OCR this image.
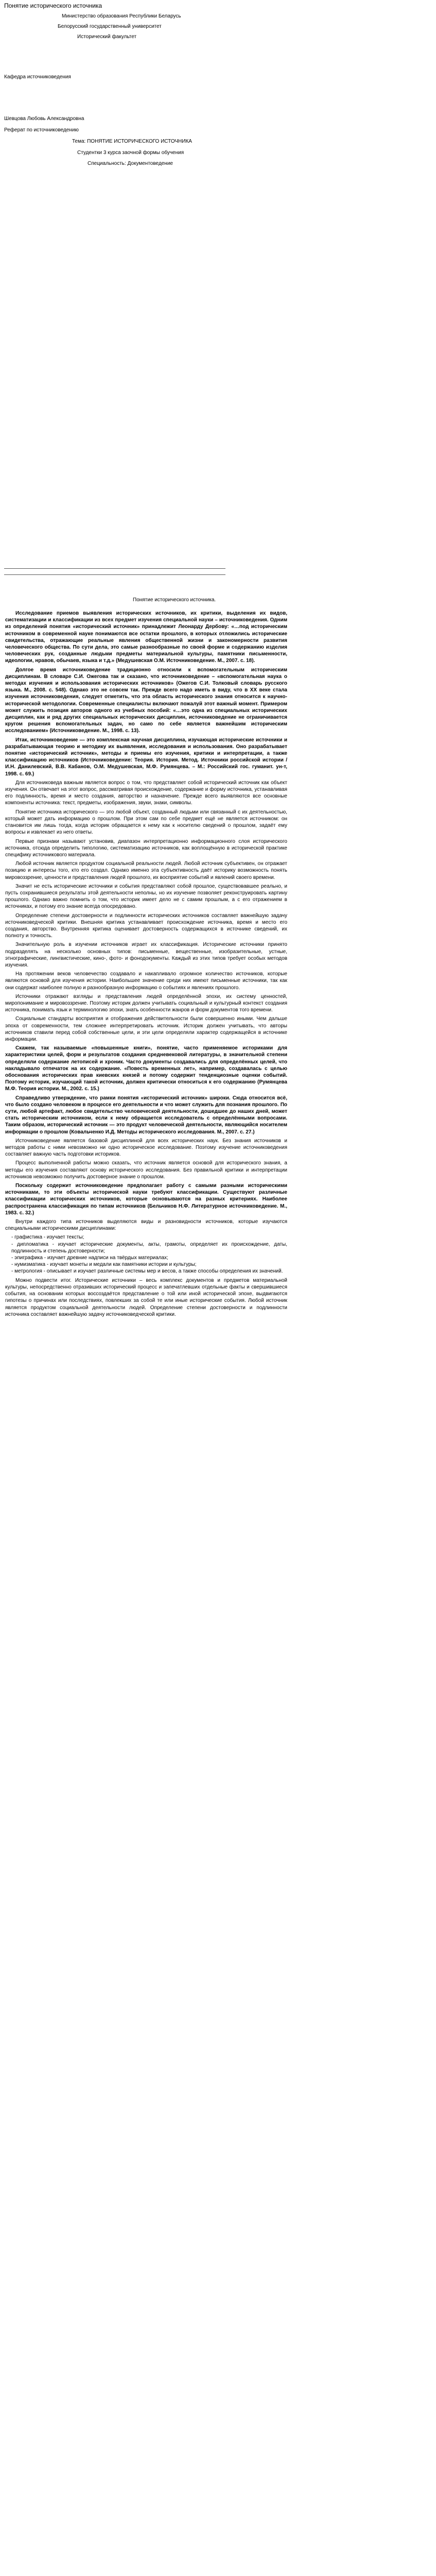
Понятие исторического источника
Министерство образования Республики Беларусь
Белорусский государственный университет
Исторический факультет
Кафедра источниковедения
Шевцова Любовь Александровна
Реферат по источниковедению
Тема: ПОНЯТИЕ ИСТОРИЧЕСКОГО ИСТОЧНИКА
Студентки 3 курса заочной формы обучения
Специальность: Документоведение
Понятие исторического источника.

Исследование приемов выявления исторических источников, их критики, выделения их видов, систематизации и классификации из всех предмет изучения специальной науки – источниковедения. Одним из определений понятия «исторический источник» принадлежит Леонарду Дербову: «…под историческим источником в современной науке понимаются все остатки прошлого, в которых отложились исторические свидетельства, отражающие реальные явления общественной жизни и закономерности развития человеческого общества. По сути дела, это самые разнообразные по своей форме и содержанию изделия человеческих рук, созданные людьми предметы материальной культуры, памятники письменности, идеологии, нравов, обычаев, языка и т.д.» (Медушевская О.М. Источниковедение. М., 2007. с. 18).

Долгое время источниковедение традиционно относили к вспомогательным историческим дисциплинам. В словаре С.И. Ожегова так и сказано, что источниковедение – «вспомогательная наука о методах изучения и использования исторических источников» (Ожегов С.И. Толковый словарь русского языка. М., 2008. с. 548). Однако это не совсем так. Прежде всего надо иметь в виду, что в ХХ веке стала изучения источниковедения, следует отметить, что эта область исторического знания относится к научно-исторической методологии. Современные специалисты включают пожалуй этот важный момент. Примером может служить позиция авторов одного из учебных пособий: «…это одна из специальных исторических дисциплин, как и ряд других специальных исторических дисциплин, источниковедение не ограничивается кругом решения вспомогательных задач, но само по себе является важнейшим историческим исследованием» (Источниковедение. М., 1998. с. 13).

Итак, источниковедение — это комплексная научная дисциплина, изучающая исторические источники и разрабатывающая теорию и методику их выявления, исследования и использования. Оно разрабатывает понятие «исторический источник», методы и приемы его изучения, критики и интерпретации, а также классификацию источников (Источниковедение: Теория. История. Метод. Источники российской истории / И.Н. Данилевский, В.В. Кабанов, О.М. Медушевская, М.Ф. Румянцева. – М.: Российский гос. гуманит. ун-т, 1998. с. 69.)

Для источниковеда важным является вопрос о том, что представляет собой исторический источник как объект изучения. Он отвечает на этот вопрос, рассматривая происхождение, содержание и форму источника, устанавливая его подлинность, время и место создания, авторство и назначение. Прежде всего выявляются все основные компоненты источника: текст, предметы, изображения, звуки, знаки, символы.

Понятие источника исторического — это любой объект, созданный людьми или связанный с их деятельностью, который может дать информацию о прошлом. При этом сам по себе предмет ещё не является источником: он становится им лишь тогда, когда историк обращается к нему как к носителю сведений о прошлом, задаёт ему вопросы и извлекает из него ответы.

Первые признаки называют установив, диапазон интерпретационно информационного слоя исторического источника, отсюда определить типологию, систематизацию источников, как воплощённую в исторической практике специфику источникового материала.

Любой источник является продуктом социальной реальности людей. Любой источник субъективен, он отражает позицию и интересы того, кто его создал. Однако именно эта субъективность даёт историку возможность понять мировоззрение, ценности и представления людей прошлого, их восприятие событий и явлений своего времени.

Значит не есть исторические источники и события представляют собой прошлое, существовавшее реально, и пусть сохранившиеся результаты этой деятельности неполны, но их изучение позволяет реконструировать картину прошлого. Однако важно помнить о том, что историк имеет дело не с самим прошлым, а с его отражением в источниках, и потому его знание всегда опосредовано.

Определение степени достоверности и подлинности исторических источников составляет важнейшую задачу источниковедческой критики. Внешняя критика устанавливает происхождение источника, время и место его создания, авторство. Внутренняя критика оценивает достоверность содержащихся в источнике сведений, их полноту и точность.

Значительную роль в изучении источников играет их классификация. Исторические источники принято подразделять на несколько основных типов: письменные, вещественные, изобразительные, устные, этнографические, лингвистические, кино-, фото- и фонодокументы. Каждый из этих типов требует особых методов изучения.

На протяжении веков человечество создавало и накапливало огромное количество источников, которые являются основой для изучения истории. Наибольшее значение среди них имеют письменные источники, так как они содержат наиболее полную и разнообразную информацию о событиях и явлениях прошлого.

Источники отражают взгляды и представления людей определённой эпохи, их систему ценностей, миропонимание и мировоззрение. Поэтому историк должен учитывать социальный и культурный контекст создания источника, понимать язык и терминологию эпохи, знать особенности жанров и форм документов того времени.

Социальные стандарты восприятия и отображения действительности были совершенно иными. Чем дальше эпоха от современности, тем сложнее интерпретировать источник. Историк должен учитывать, что авторы источников ставили перед собой собственные цели, и эти цели определяли характер содержащейся в источнике информации.

Скажем, так называемые «повышенные книги», понятие, часто применяемое историками для характеристики целей, форм и результатов создания средневековой литературы, в значительной степени определяли содержание летописей и хроник. Часто документы создавались для определённых целей, что накладывало отпечаток на их содержание. «Повесть временных лет», например, создавалась с целью обоснования исторических прав киевских князей и потому содержит тенденциозные оценки событий. Поэтому историк, изучающий такой источник, должен критически относиться к его содержанию (Румянцева М.Ф. Теория истории. М., 2002. с. 15.)

Справедливо утверждение, что рамки понятия «исторический источник» широки. Сюда относится всё, что было создано человеком в процессе его деятельности и что может служить для познания прошлого. По сути, любой артефакт, любое свидетельство человеческой деятельности, дошедшее до наших дней, может стать историческим источником, если к нему обращается исследователь с определёнными вопросами. Таким образом, исторический источник — это продукт человеческой деятельности, являющийся носителем информации о прошлом (Ковальченко И.Д. Методы исторического исследования. М., 2007. с. 27.)

Источниковедение является базовой дисциплиной для всех исторических наук. Без знания источников и методов работы с ними невозможно ни одно историческое исследование. Поэтому изучение источниковедения составляет важную часть подготовки историков.

Процесс выполненной работы можно сказать, что источник является основой для исторического знания, а методы его изучения составляют основу исторического исследования. Без правильной критики и интерпретации источников невозможно получить достоверное знание о прошлом.

Поскольку содержит источниковедение предполагает работу с самыми разными историческими источниками, то эти объекты исторической науки требуют классификации. Существуют различные классификации исторических источников, которые основываются на разных критериях. Наиболее распространена классификация по типам источников (Бельчиков Н.Ф. Литературное источниковедение. М., 1983. с. 32.)

Внутри каждого типа источников выделяются виды и разновидности источников, которые изучаются специальными историческими дисциплинами:

- графистика - изучает тексты;
- дипломатика - изучает исторические документы, акты, грамоты, определяет их происхождение, даты, подлинность и степень достоверности;
- эпиграфика - изучает древние надписи на твёрдых материалах;
- нумизматика - изучает монеты и медали как памятники истории и культуры;
- метрология - описывает и изучает различные системы мер и весов, а также способы определения их значений.

Можно подвести итог. Исторические источники – весь комплекс документов и предметов материальной культуры, непосредственно отразивших исторический процесс и запечатлевших отдельные факты и свершившиеся события, на основании которых воссоздаётся представление о той или иной исторической эпохе, выдвигаются гипотезы о причинах или последствиях, повлекших за собой те или иные исторические события. Любой источник является продуктом социальной деятельности людей. Определение степени достоверности и подлинности источника составляет важнейшую задачу источниковедческой критики.
